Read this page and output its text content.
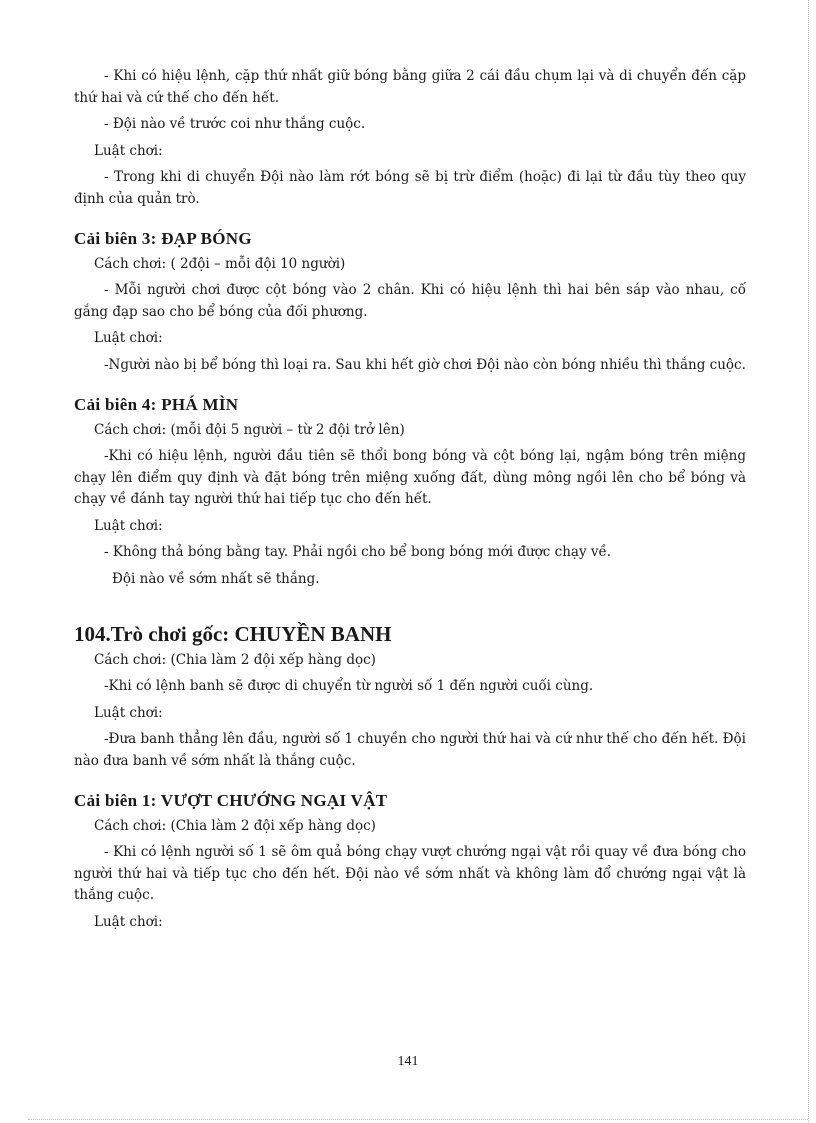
- Khi có hiệu lệnh, cặp thứ nhất giữ bóng bằng giữa 2 cái đầu chụm lại và di chuyển đến cặp thứ hai và cứ thế cho đến hết.

- Đội nào về trước coi như thắng cuộc.

Luật chơi:

- Trong khi di chuyển Đội nào làm rớt bóng sẽ bị trừ điểm (hoặc) đi lại từ đầu tùy theo quy định của quản trò.

Cải biên 3: ĐẠP BÓNG

Cách chơi: ( 2đội – mỗi đội 10 người)

- Mỗi người chơi được cột bóng vào 2 chân. Khi có hiệu lệnh thì hai bên sáp vào nhau, cố gắng đạp sao cho bể bóng của đối phương.

Luật chơi:

-Người nào bị bể bóng thì loại ra. Sau khi hết giờ chơi Đội nào còn bóng nhiều thì thắng cuộc.

Cải biên 4: PHÁ MÌN

Cách chơi: (mỗi đội 5 người – từ 2 đội trở lên)

-Khi có hiệu lệnh, người đầu tiên sẽ thổi bong bóng và cột bóng lại, ngậm bóng trên miệng chạy lên điểm quy định và đặt bóng trên miệng xuống đất, dùng mông ngồi lên cho bể bóng và chạy về đánh tay người thứ hai tiếp tục cho đến hết.

Luật chơi:

- Không thả bóng bằng tay. Phải ngồi cho bể bong bóng mới được chạy về.

Đội nào về sớm nhất sẽ thắng.

104.Trò chơi gốc: CHUYỀN BANH

Cách chơi: (Chia làm 2 đội xếp hàng dọc)

-Khi có lệnh banh sẽ được di chuyển từ người số 1 đến người cuối cùng.

Luật chơi:

-Đưa banh thẳng lên đầu, người số 1 chuyền cho người thứ hai và cứ như thế cho đến hết. Đội nào đưa banh về sớm nhất là thắng cuộc.

Cải biên 1: VƯỢT CHƯỚNG NGẠI VẬT

Cách chơi: (Chia làm 2 đội xếp hàng dọc)

- Khi có lệnh người số 1 sẽ ôm quả bóng chạy vượt chướng ngại vật rồi quay về đưa bóng cho người thứ hai và tiếp tục cho đến hết. Đội nào về sớm nhất và không làm đổ chướng ngại vật là thắng cuộc.

Luật chơi:

141
